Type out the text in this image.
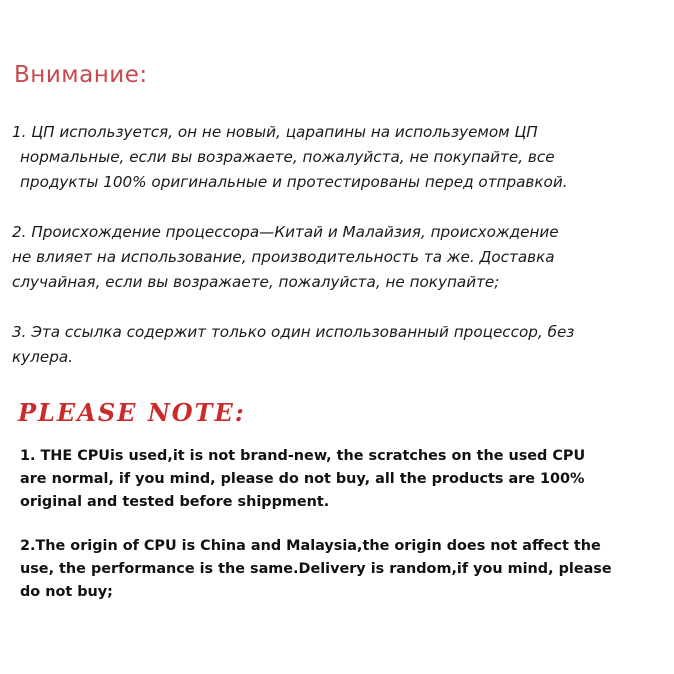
Внимание:

1. ЦП используется, он не новый, царапины на используемом ЦП
нормальные, если вы возражаете, пожалуйста, не покупайте, все
продукты 100% оригинальные и протестированы перед отправкой.

2. Происхождение процессора—Китай и Малайзия, происхождение
не влияет на использование, производительность та же. Доставка
случайная, если вы возражаете, пожалуйста, не покупайте;

3. Эта ссылка содержит только один использованный процессор, без
кулера.

PLEASE NOTE:

1. THE CPUis used,it is not brand-new, the scratches on the used CPU
are normal, if you mind, please do not buy, all the products are 100%
original and tested before shippment.

2.The origin of CPU is China and Malaysia,the origin does not affect the
use, the performance is the same.Delivery is random,if you mind, please
do not buy;
